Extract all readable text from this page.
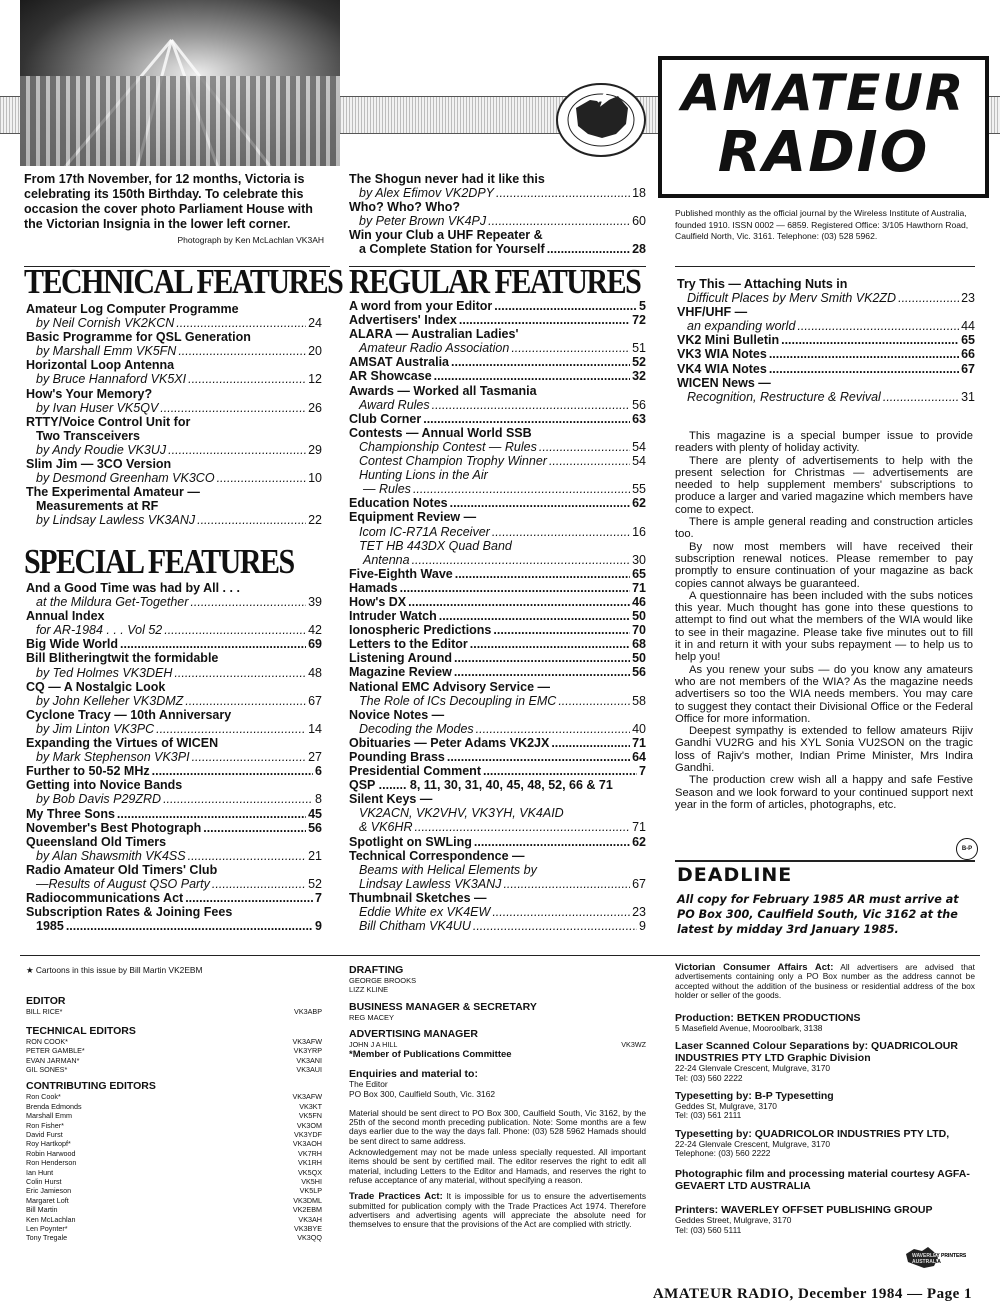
AMATEUR
RADIO
From 17th November, for 12 months, Victoria is celebrating its 150th Birthday. To celebrate this occasion the cover photo Parliament House with the Victorian Insignia in the lower left corner.
Photograph by Ken McLachlan VK3AH
The Shogun never had it like this
by Alex Efimov VK2DPY .....	18
Who? Who? Who?
by Peter Brown VK4PJ .....	60
Win your Club a UHF Repeater &
a Complete Station for Yourself .....	28
Published monthly as the official journal by the Wireless Institute of Australia, founded 1910. ISSN 0002 — 6859. Registered Office: 3/105 Hawthorn Road, Caulfield North, Vic. 3161. Telephone: (03) 528 5962.
TECHNICAL FEATURES
Amateur Log Computer Programme
by Neil Cornish VK2KCN .....	24
Basic Programme for QSL Generation
by Marshall Emm VK5FN .....	20
Horizontal Loop Antenna
by Bruce Hannaford VK5XI .....	12
How's Your Memory?
by Ivan Huser VK5QV .....	26
RTTY/Voice Control Unit for
Two Transceivers
by Andy Roudie VK3UJ .....	29
Slim Jim — 3CO Version
by Desmond Greenham VK3CO .....	10
The Experimental Amateur —
Measurements at RF
by Lindsay Lawless VK3ANJ .....	22
SPECIAL FEATURES
And a Good Time was had by All . . .
at the Mildura Get-Together .....	39
Annual Index
for AR-1984 . . . Vol 52 .....	42
Big Wide World .....	69
Bill Blitheringtwit the formidable
by Ted Holmes VK3DEH .....	48
CQ — A Nostalgic Look
by John Kelleher VK3DMZ .....	67
Cyclone Tracy — 10th Anniversary
by Jim Linton VK3PC .....	14
Expanding the Virtues of WICEN
by Mark Stephenson VK3PI .....	27
Further to 50-52 MHz .....	6
Getting into Novice Bands
by Bob Davis P29ZRD .....	8
My Three Sons .....	45
November's Best Photograph .....	56
Queensland Old Timers
by Alan Shawsmith VK4SS .....	21
Radio Amateur Old Timers' Club
—Results of August QSO Party .....	52
Radiocommunications Act .....	7
Subscription Rates & Joining Fees
1985 .....	9
REGULAR FEATURES
A word from your Editor .....	5
Advertisers' Index .....	72
ALARA — Australian Ladies'
Amateur Radio Association .....	51
AMSAT Australia .....	52
AR Showcase .....	32
Awards — Worked all Tasmania
Award Rules .....	56
Club Corner .....	63
Contests — Annual World SSB
Championship Contest — Rules .....	54
Contest Champion Trophy Winner .....	54
Hunting Lions in the Air
— Rules .....	55
Education Notes .....	62
Equipment Review —
Icom IC-R71A Receiver .....	16
TET HB 443DX Quad Band
Antenna .....	30
Five-Eighth Wave .....	65
Hamads .....	71
How's DX .....	46
Intruder Watch .....	50
Ionospheric Predictions .....	70
Letters to the Editor .....	68
Listening Around .....	50
Magazine Review .....	56
National EMC Advisory Service —
The Role of ICs Decoupling in EMC .....	58
Novice Notes —
Decoding the Modes .....	40
Obituaries — Peter Adams VK2JX .....	71
Pounding Brass .....	64
Presidential Comment .....	7
QSP ........ 8, 11, 30, 31, 40, 45, 48, 52, 66 & 71
Silent Keys —
VK2ACN, VK2VHV, VK3YH, VK4AID
& VK6HR .....	71
Spotlight on SWLing .....	62
Technical Correspondence —
Beams with Helical Elements by
Lindsay Lawless VK3ANJ .....	67
Thumbnail Sketches —
Eddie White ex VK4EW .....	23
Bill Chitham VK4UU .....	9
Try This — Attaching Nuts in
Difficult Places by Merv Smith VK2ZD .....	23
VHF/UHF —
an expanding world .....	44
VK2 Mini Bulletin .....	65
VK3 WIA Notes .....	66
VK4 WIA Notes .....	67
WICEN News —
Recognition, Restructure & Revival .....	31

This magazine is a special bumper issue to provide readers with plenty of holiday activity.

There are plenty of advertisements to help with the present selection for Christmas — advertisements are needed to help supplement members' subscriptions to produce a larger and varied magazine which members have come to expect.

There is ample general reading and construction articles too.

By now most members will have received their subscription renewal notices. Please remember to pay promptly to ensure continuation of your magazine as back copies cannot always be guaranteed.

A questionnaire has been included with the subs notices this year. Much thought has gone into these questions to attempt to find out what the members of the WIA would like to see in their magazine. Please take five minutes out to fill it in and return it with your subs repayment — to help us to help you!

As you renew your subs — do you know any amateurs who are not members of the WIA? As the magazine needs advertisers so too the WIA needs members. You may care to suggest they contact their Divisional Office or the Federal Office for more information.

Deepest sympathy is extended to fellow amateurs Rijiv Gandhi VU2RG and his XYL Sonia VU2SON on the tragic loss of Rajiv's mother, Indian Prime Minister, Mrs Indira Gandhi.

The production crew wish all a happy and safe Festive Season and we look forward to your continued support next year in the form of articles, photographs, etc.

B-P
DEADLINE
All copy for February 1985 AR must arrive at PO Box 300, Caulfield South, Vic 3162 at the latest by midday 3rd January 1985.
★ Cartoons in this issue by Bill Martin VK2EBM
EDITOR
BILL RICE*	VK3ABP
TECHNICAL EDITORS
RON COOK*	VK3AFW
PETER GAMBLE*	VK3YRP
EVAN JARMAN*	VK3ANI
GIL SONES*	VK3AUI
CONTRIBUTING EDITORS
Ron Cook*	VK3AFW
Brenda Edmonds	VK3KT
Marshall Emm	VK5FN
Ron Fisher*	VK3OM
David Furst	VK3YDF
Roy Hartkopf*	VK3AOH
Robin Harwood	VK7RH
Ron Henderson	VK1RH
Ian Hunt	VK5QX
Colin Hurst	VK5HI
Eric Jamieson	VK5LP
Margaret Loft	VK3DML
Bill Martin	VK2EBM
Ken McLachlan	VK3AH
Len Poynter*	VK3BYE
Tony Tregale	VK3QQ
DRAFTING
GEORGE BROOKS
LIZZ KLINE
BUSINESS MANAGER & SECRETARY
REG MACEY
ADVERTISING MANAGER
JOHN J A HILL	VK3WZ
*Member of Publications Committee
Enquiries and material to:
The Editor
PO Box 300, Caulfield South, Vic. 3162
Material should be sent direct to PO Box 300, Caulfield South, Vic 3162, by the 25th of the second month preceding publication. Note: Some months are a few days earlier due to the way the days fall. Phone: (03) 528 5962 Hamads should be sent direct to same address.
Acknowledgement may not be made unless specially requested. All important items should be sent by certified mail. The editor reserves the right to edit all material, including Letters to the Editor and Hamads, and reserves the right to refuse acceptance of any material, without specifying a reason.
Trade Practices Act: It is impossible for us to ensure the advertisements submitted for publication comply with the Trade Practices Act 1974. Therefore advertisers and advertising agents will appreciate the absolute need for themselves to ensure that the provisions of the Act are complied with strictly.
Victorian Consumer Affairs Act: All advertisers are advised that advertisements containing only a PO Box number as the address cannot be accepted without the addition of the business or residential address of the box holder or seller of the goods.
Production: BETKEN PRODUCTIONS
5 Masefield Avenue, Mooroolbark, 3138
Laser Scanned Colour Separations by: QUADRICOLOUR INDUSTRIES PTY LTD Graphic Division
22-24 Glenvale Crescent, Mulgrave, 3170
Tel: (03) 560 2222
Typesetting by: B-P Typesetting
Geddes St, Mulgrave, 3170
Tel: (03) 561 2111
Typesetting by: QUADRICOLOR INDUSTRIES PTY LTD,
22-24 Glenvale Crescent, Mulgrave, 3170
Telephone: (03) 560 2222
Photographic film and processing material courtesy AGFA-GEVAERT LTD AUSTRALIA
Printers: WAVERLEY OFFSET PUBLISHING GROUP
Geddes Street, Mulgrave, 3170
Tel: (03) 560 5111
WAVERLEY PRINTERS AUSTRALIA
AMATEUR RADIO, December 1984 — Page 1
